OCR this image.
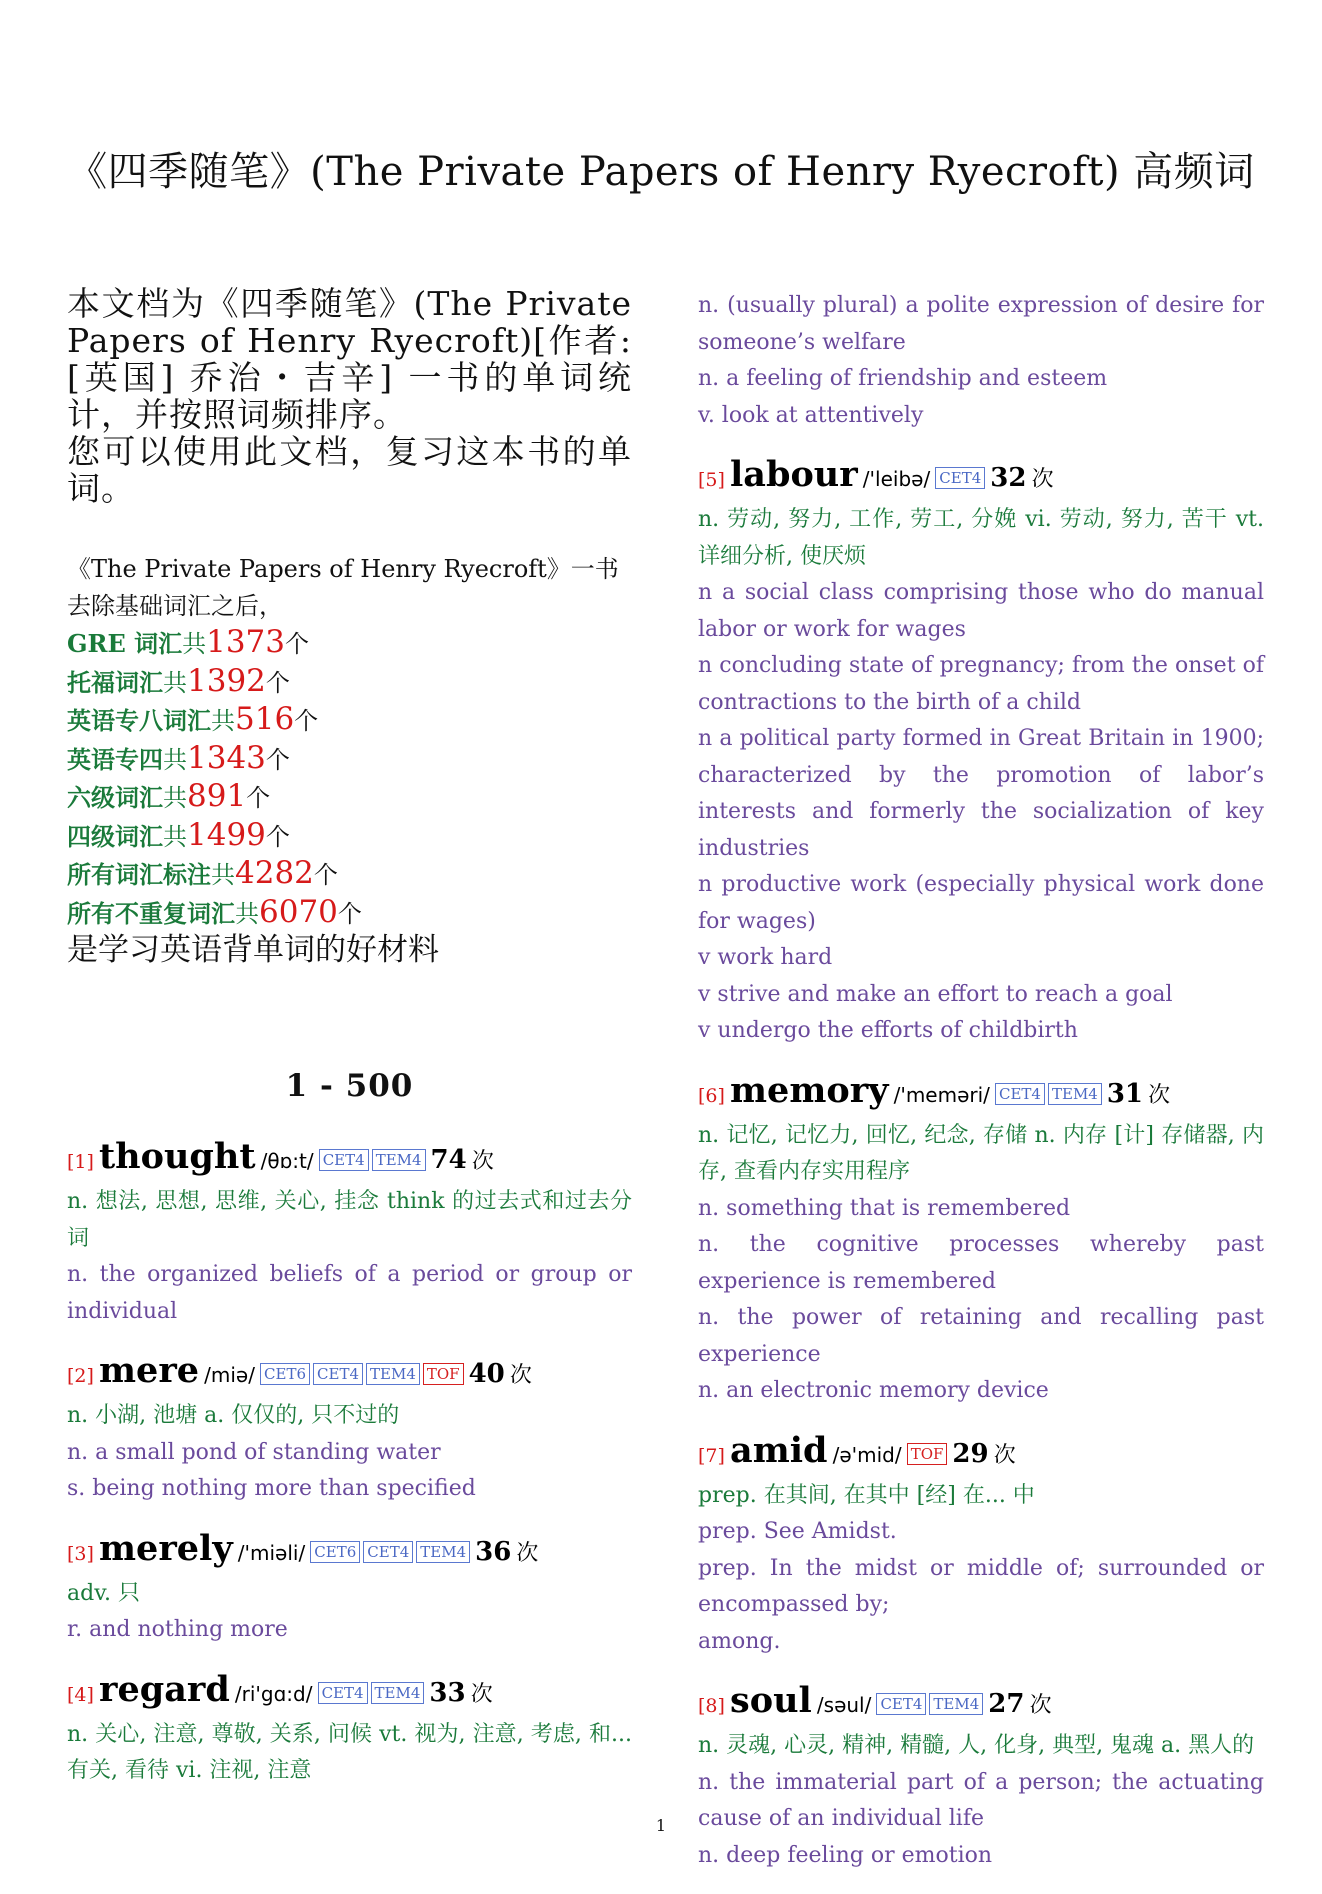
《四季随笔》(The Private Papers of Henry Ryecroft) 高频词

本文档为《四季随笔》(The Private Papers of Henry Ryecroft)[作者: [英国] 乔治・吉辛] 一书的单词统计，并按照词频排序。

您可以使用此文档，复习这本书的单词。

《The Private Papers of Henry Ryecroft》一书去除基础词汇之后，

GRE 词汇共1373个
托福词汇共1392个
英语专八词汇共516个
英语专四共1343个
六级词汇共891个
四级词汇共1499个
所有词汇标注共4282个
所有不重复词汇共6070个
是学习英语背单词的好材料
1 - 500
[1] thought /θɒ:t/ CET4 TEM4 74 次
n. 想法, 思想, 思维, 关心, 挂念 think 的过去式和过去分词
n. the organized beliefs of a period or group or individual
[2] mere /miə/ CET6 CET4 TEM4 TOF 40 次
n. 小湖, 池塘 a. 仅仅的, 只不过的
n. a small pond of standing water
s. being nothing more than specified
[3] merely /'miəli/ CET6 CET4 TEM4 36 次
adv. 只
r. and nothing more
[4] regard /ri'gɑ:d/ CET4 TEM4 33 次
n. 关心, 注意, 尊敬, 关系, 问候 vt. 视为, 注意, 考虑, 和...有关, 看待 vi. 注视, 注意
n. (usually plural) a polite expression of desire for someone’s welfare
n. a feeling of friendship and esteem
v. look at attentively
[5] labour /'leibə/ CET4 32 次
n. 劳动, 努力, 工作, 劳工, 分娩 vi. 劳动, 努力, 苦干 vt. 详细分析, 使厌烦
n a social class comprising those who do manual labor or work for wages
n concluding state of pregnancy; from the onset of contractions to the birth of a child
n a political party formed in Great Britain in 1900; characterized by the promotion of labor’s interests and formerly the socialization of key industries
n productive work (especially physical work done for wages)
v work hard
v strive and make an effort to reach a goal
v undergo the efforts of childbirth
[6] memory /'meməri/ CET4 TEM4 31 次
n. 记忆, 记忆力, 回忆, 纪念, 存储 n. 内存 [计] 存储器, 内存, 查看内存实用程序
n. something that is remembered
n. the cognitive processes whereby past experience is remembered
n. the power of retaining and recalling past experience
n. an electronic memory device
[7] amid /ə'mid/ TOF 29 次
prep. 在其间, 在其中 [经] 在... 中
prep. See Amidst.
prep. In the midst or middle of; surrounded or encompassed by;
among.
[8] soul /səul/ CET4 TEM4 27 次
n. 灵魂, 心灵, 精神, 精髓, 人, 化身, 典型, 鬼魂 a. 黑人的
n. the immaterial part of a person; the actuating cause of an individual life
n. deep feeling or emotion
1
